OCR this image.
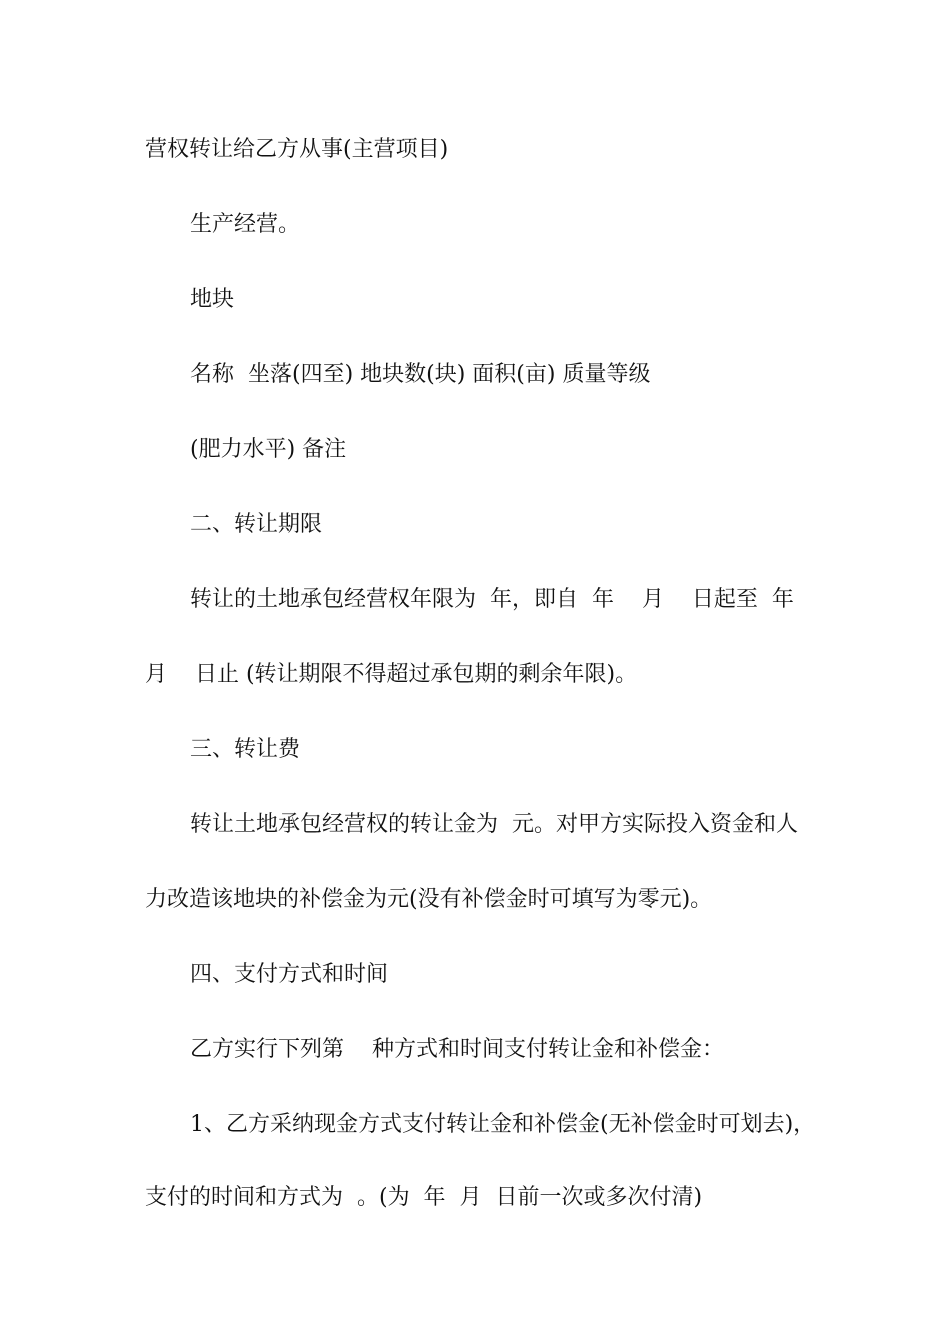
营权转让给乙方从事(主营项目)
生产经营。
地块
名称  坐落(四至) 地块数(块) 面积(亩) 质量等级
(肥力水平) 备注
二、转让期限
转让的土地承包经营权年限为  年，即自  年    月    日起至  年
月    日止 (转让期限不得超过承包期的剩余年限)。
三、转让费
转让土地承包经营权的转让金为  元。对甲方实际投入资金和人
力改造该地块的补偿金为元(没有补偿金时可填写为零元)。
四、支付方式和时间
乙方实行下列第    种方式和时间支付转让金和补偿金：
1、乙方采纳现金方式支付转让金和补偿金(无补偿金时可划去)，
支付的时间和方式为  。(为  年  月  日前一次或多次付清)
